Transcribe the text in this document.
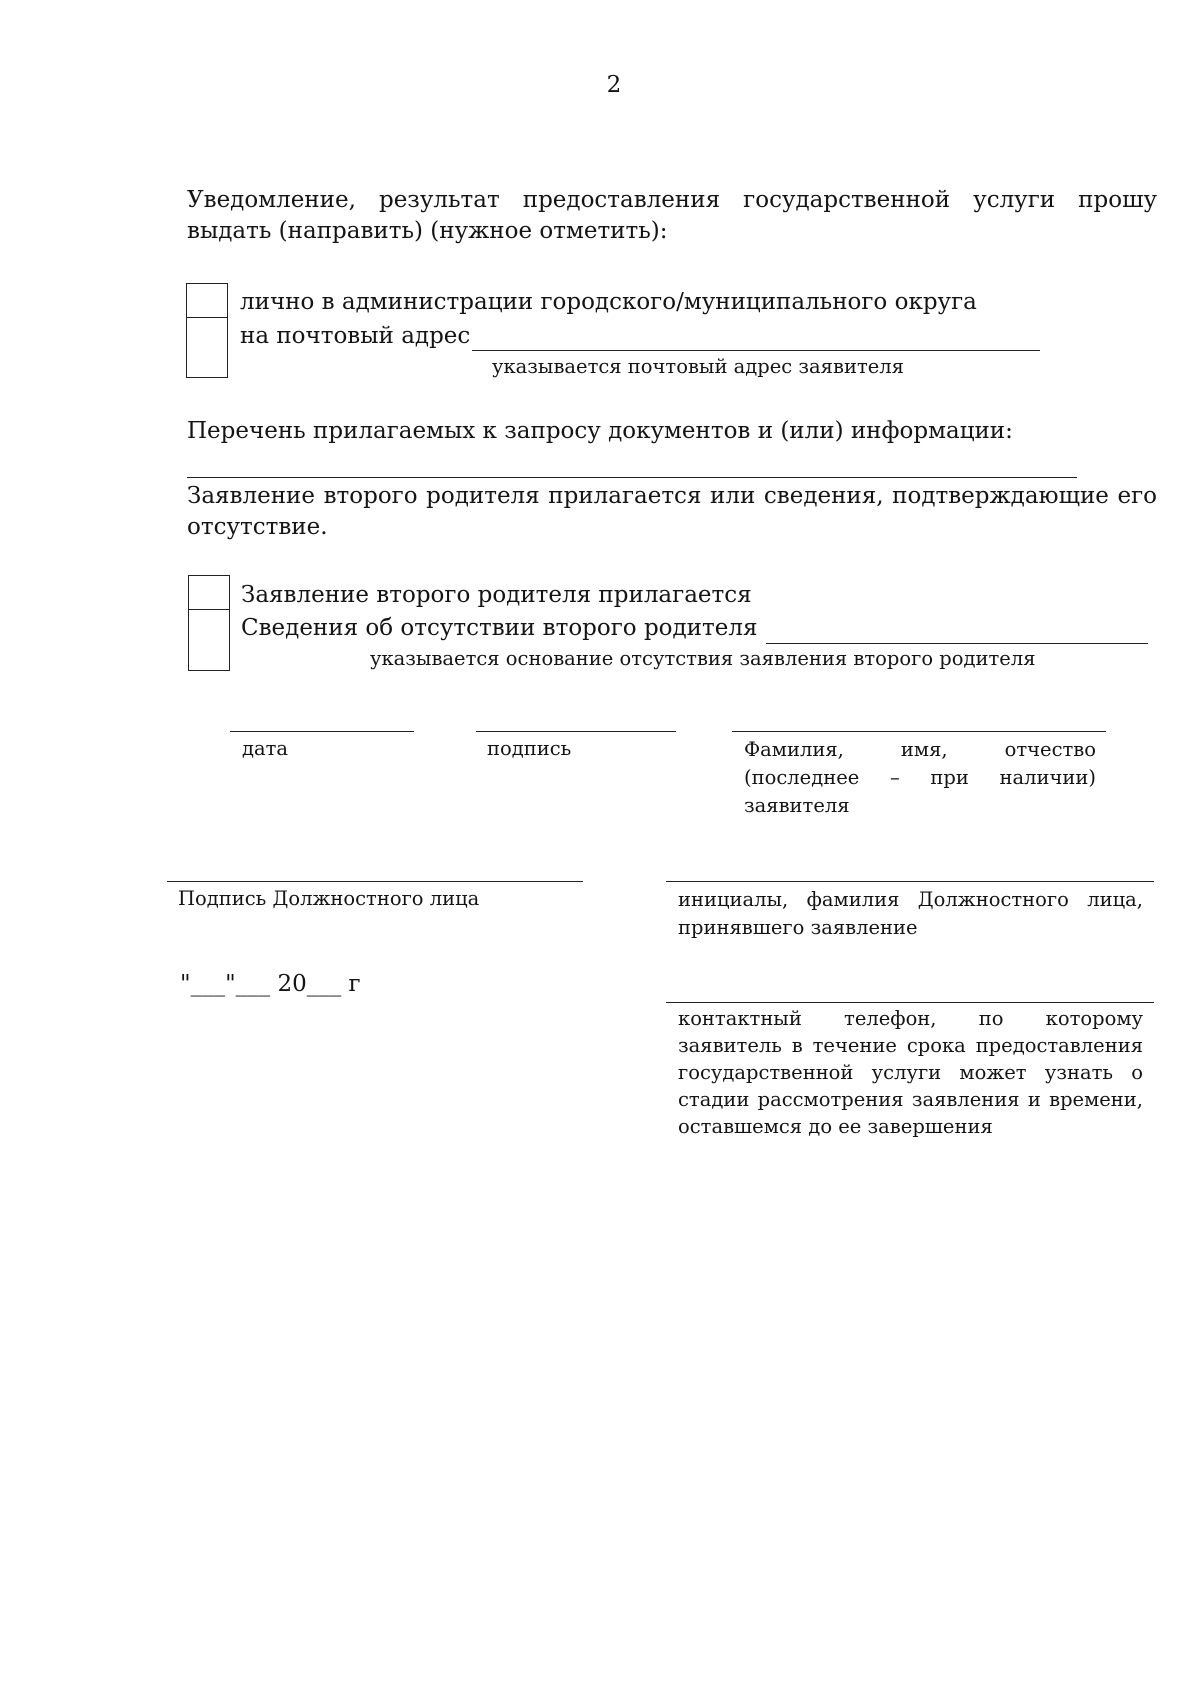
2
Уведомление, результат предоставления государственной услуги прошу выдать (направить) (нужное отметить):
лично в администрации городского/муниципального округа
на почтовый адрес
указывается почтовый адрес заявителя
Перечень прилагаемых к запросу документов и (или) информации:
Заявление второго родителя прилагается или сведения, подтверждающие его отсутствие.
Заявление второго родителя прилагается
Сведения об отсутствии второго родителя
указывается основание отсутствия заявления второго родителя
дата	подпись	Фамилия, имя, отчество (последнее – при наличии) заявителя
Подпись Должностного лица	инициалы, фамилия Должностного лица, принявшего заявление
"___"___ 20___ г
контактный телефон, по которому заявитель в течение срока предоставления государственной услуги может узнать о стадии рассмотрения заявления и времени, оставшемся до ее завершения
